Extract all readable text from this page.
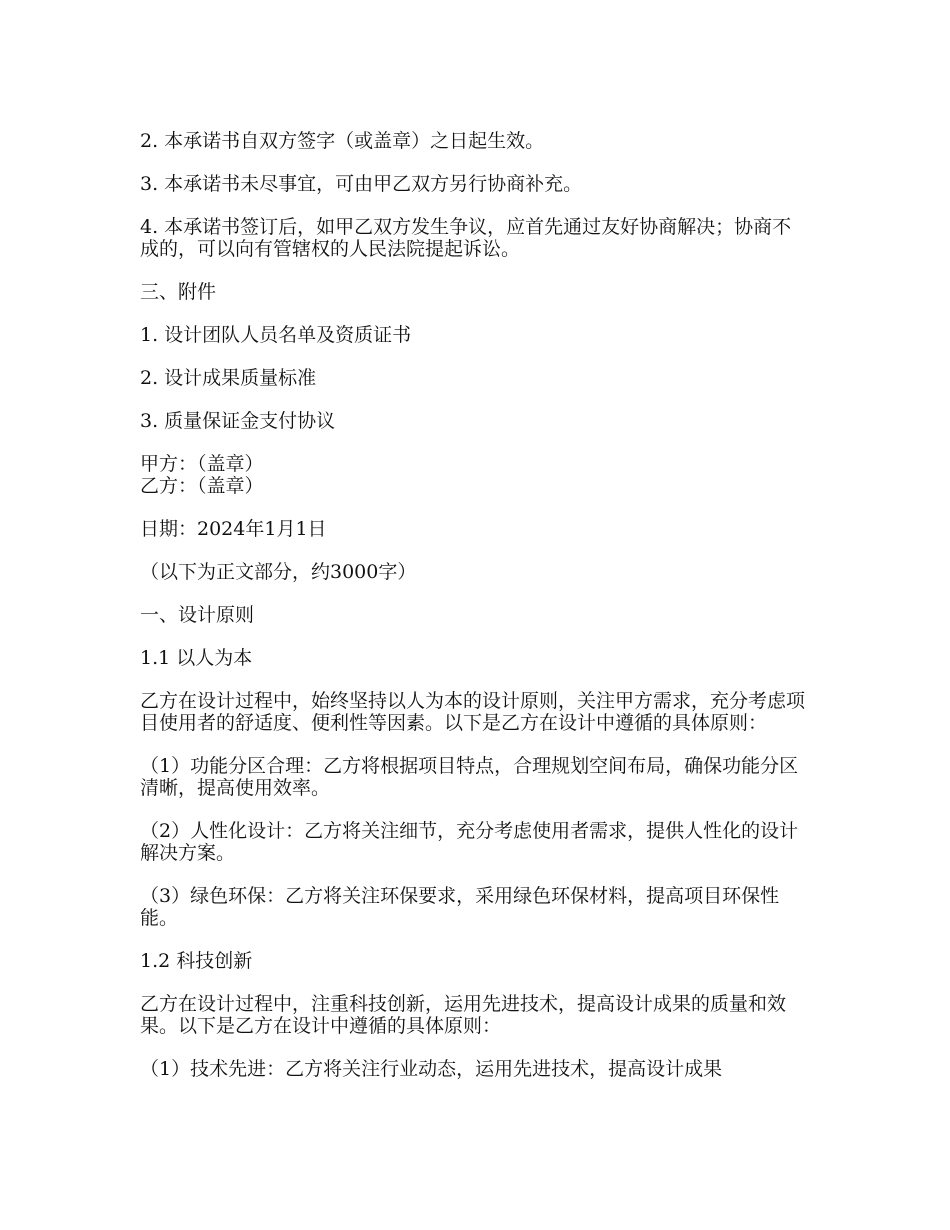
2. 本承诺书自双方签字（或盖章）之日起生效。

3. 本承诺书未尽事宜，可由甲乙双方另行协商补充。

4. 本承诺书签订后，如甲乙双方发生争议，应首先通过友好协商解决；协商不成的，可以向有管辖权的人民法院提起诉讼。

三、附件

1. 设计团队人员名单及资质证书

2. 设计成果质量标准

3. 质量保证金支付协议

甲方：（盖章）

乙方：（盖章）

日期：2024年1月1日

（以下为正文部分，约3000字）

一、设计原则

1.1 以人为本

乙方在设计过程中，始终坚持以人为本的设计原则，关注甲方需求，充分考虑项目使用者的舒适度、便利性等因素。以下是乙方在设计中遵循的具体原则：

（1）功能分区合理：乙方将根据项目特点，合理规划空间布局，确保功能分区清晰，提高使用效率。

（2）人性化设计：乙方将关注细节，充分考虑使用者需求，提供人性化的设计解决方案。

（3）绿色环保：乙方将关注环保要求，采用绿色环保材料，提高项目环保性能。

1.2 科技创新

乙方在设计过程中，注重科技创新，运用先进技术，提高设计成果的质量和效果。以下是乙方在设计中遵循的具体原则：

（1）技术先进：乙方将关注行业动态，运用先进技术，提高设计成果
